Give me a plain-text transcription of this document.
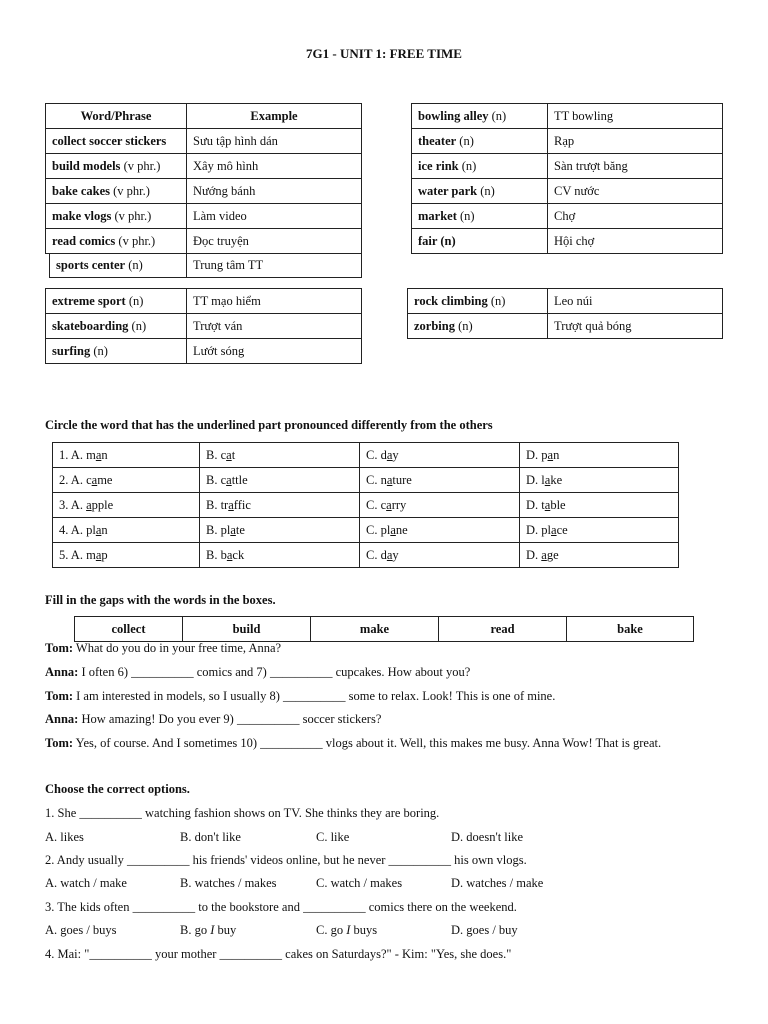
7G1 - UNIT 1: FREE TIME
Word/Phrase	Example
collect soccer stickers	Sưu tập hình dán
build models (v phr.)	Xây mô hình
bake cakes (v phr.)	Nướng bánh
make vlogs (v phr.)	Làm video
read comics (v phr.)	Đọc truyện
sports center (n)	Trung tâm TT
bowling alley (n)	TT bowling
theater (n)	Rạp
ice rink (n)	Sàn trượt băng
water park (n)	CV nước
market (n)	Chợ
fair (n)	Hội chợ
extreme sport (n)	TT mạo hiểm
skateboarding (n)	Trượt ván
surfing (n)	Lướt sóng
rock climbing (n)	Leo núi
zorbing (n)	Trượt quả bóng
Circle the word that has the underlined part pronounced differently from the others
1. A. man	B. cat	C. day	D. pan
2. A. came	B. cattle	C. nature	D. lake
3. A. apple	B. traffic	C. carry	D. table
4. A. plan	B. plate	C. plane	D. place
5. A. map	B. back	C. day	D. age
Fill in the gaps with the words in the boxes.
collect	build	make	read	bake
Tom: What do you do in your free time, Anna?
Anna: I often 6) __________ comics and 7) __________ cupcakes. How about you?
Tom: I am interested in models, so I usually 8) __________ some to relax. Look! This is one of mine.
Anna: How amazing! Do you ever 9) __________ soccer stickers?
Tom: Yes, of course. And I sometimes 10) __________ vlogs about it. Well, this makes me busy. Anna Wow! That is great.
Choose the correct options.
1. She __________ watching fashion shows on TV. She thinks they are boring.
A. likes	B. don't like	C. like	D. doesn't like
2. Andy usually __________ his friends' videos online, but he never __________ his own vlogs.
A. watch / make	B. watches / makes	C. watch / makes	D. watches / make
3. The kids often __________ to the bookstore and __________ comics there on the weekend.
A. goes / buys	B. go I buy	C. go I buys	D. goes / buy
4. Mai: "__________ your mother __________ cakes on Saturdays?" - Kim: "Yes, she does."
